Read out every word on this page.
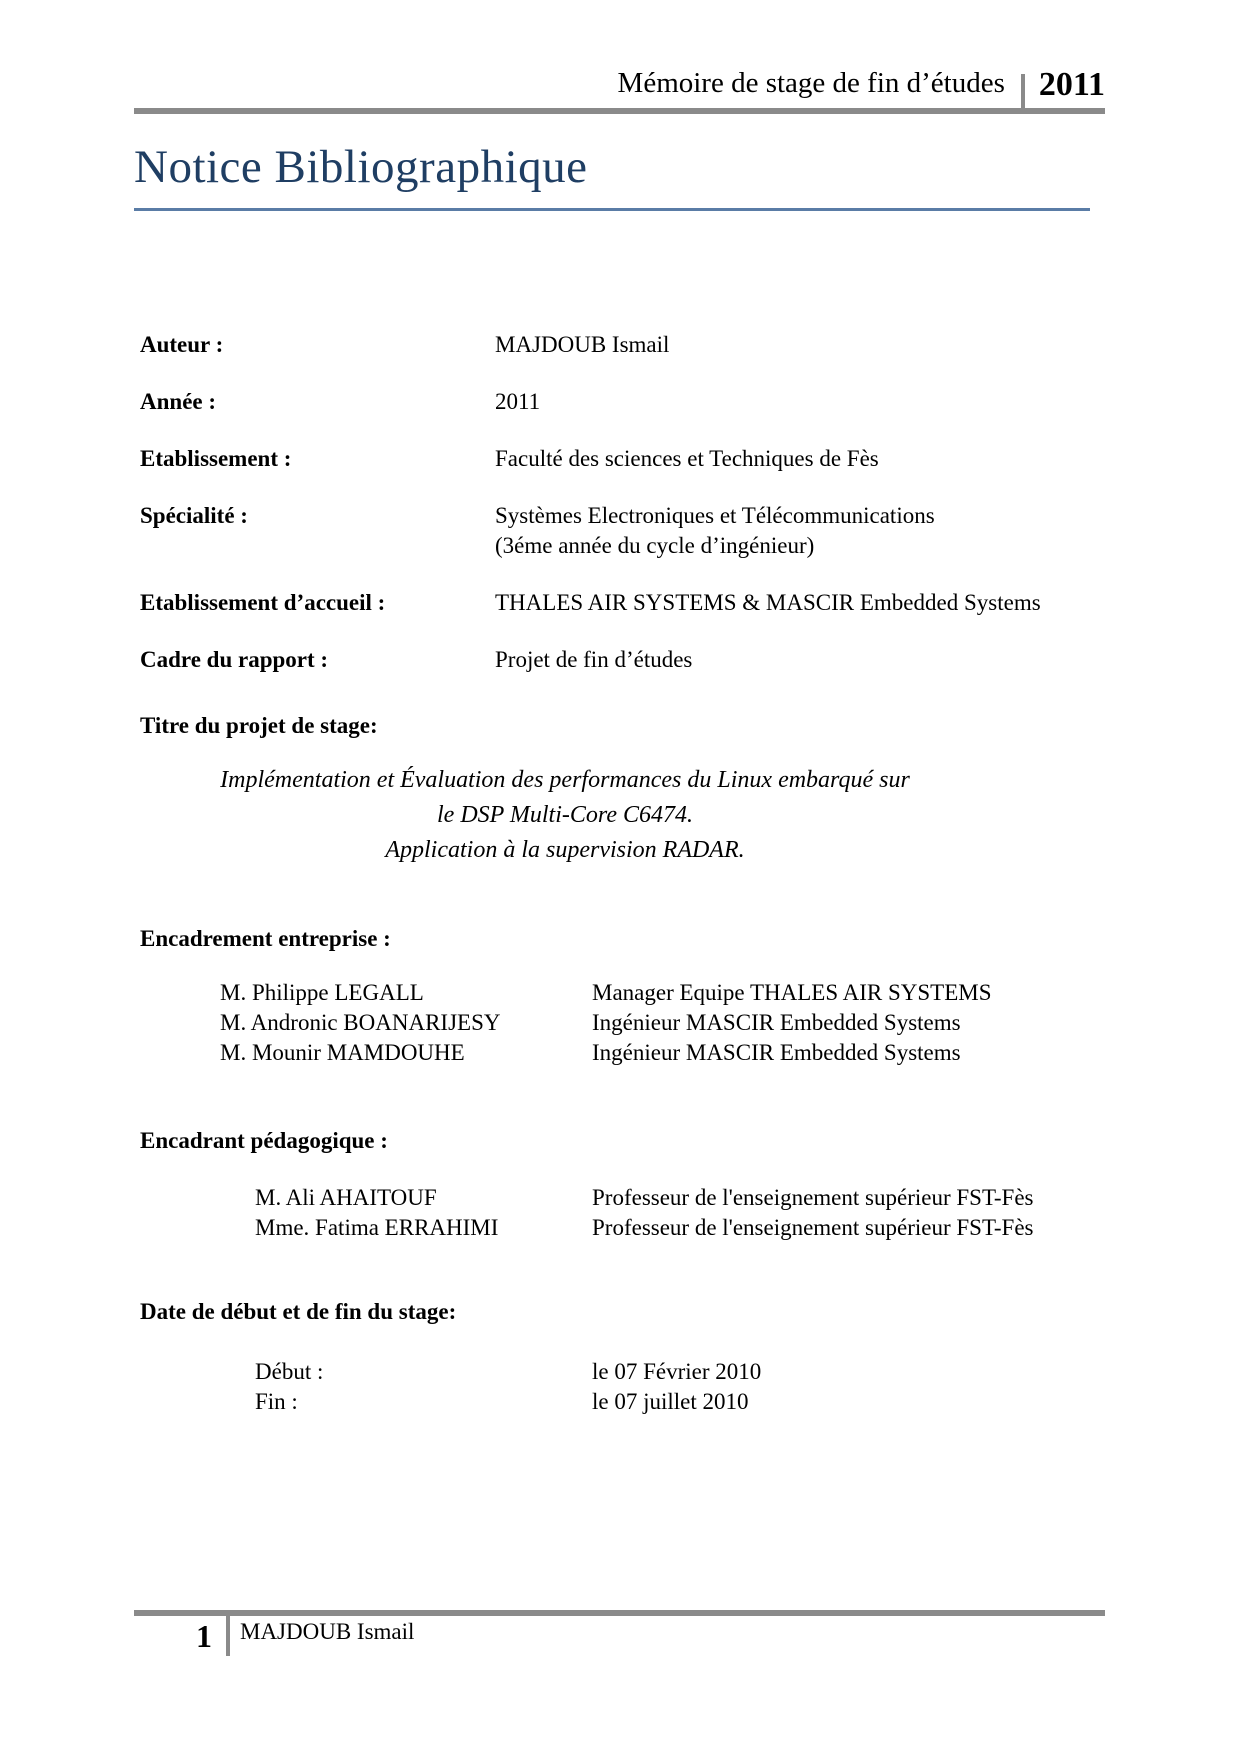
Mémoire de stage de fin d’études 2011
Notice Bibliographique
Auteur :	MAJDOUB Ismail
Année :	2011
Etablissement :	Faculté des sciences et Techniques de Fès
Spécialité :	Systèmes Electroniques et Télécommunications
(3éme année du cycle d’ingénieur)
Etablissement d’accueil :	THALES AIR SYSTEMS & MASCIR Embedded Systems
Cadre du rapport :	Projet de fin d’études
Titre du projet de stage:
Implémentation et Évaluation des performances du Linux embarqué sur
le DSP Multi-Core C6474.
Application à la supervision RADAR.
Encadrement entreprise :
M. Philippe LEGALL	Manager Equipe THALES AIR SYSTEMS
M. Andronic BOANARIJESY	Ingénieur MASCIR Embedded Systems
M. Mounir MAMDOUHE	Ingénieur MASCIR Embedded Systems
Encadrant pédagogique :
M. Ali AHAITOUF	Professeur de l'enseignement supérieur FST-Fès
Mme. Fatima ERRAHIMI	Professeur de l'enseignement supérieur FST-Fès
Date de début et de fin du stage:
Début :	le 07 Février 2010
Fin :	le 07 juillet 2010
1 MAJDOUB Ismail
